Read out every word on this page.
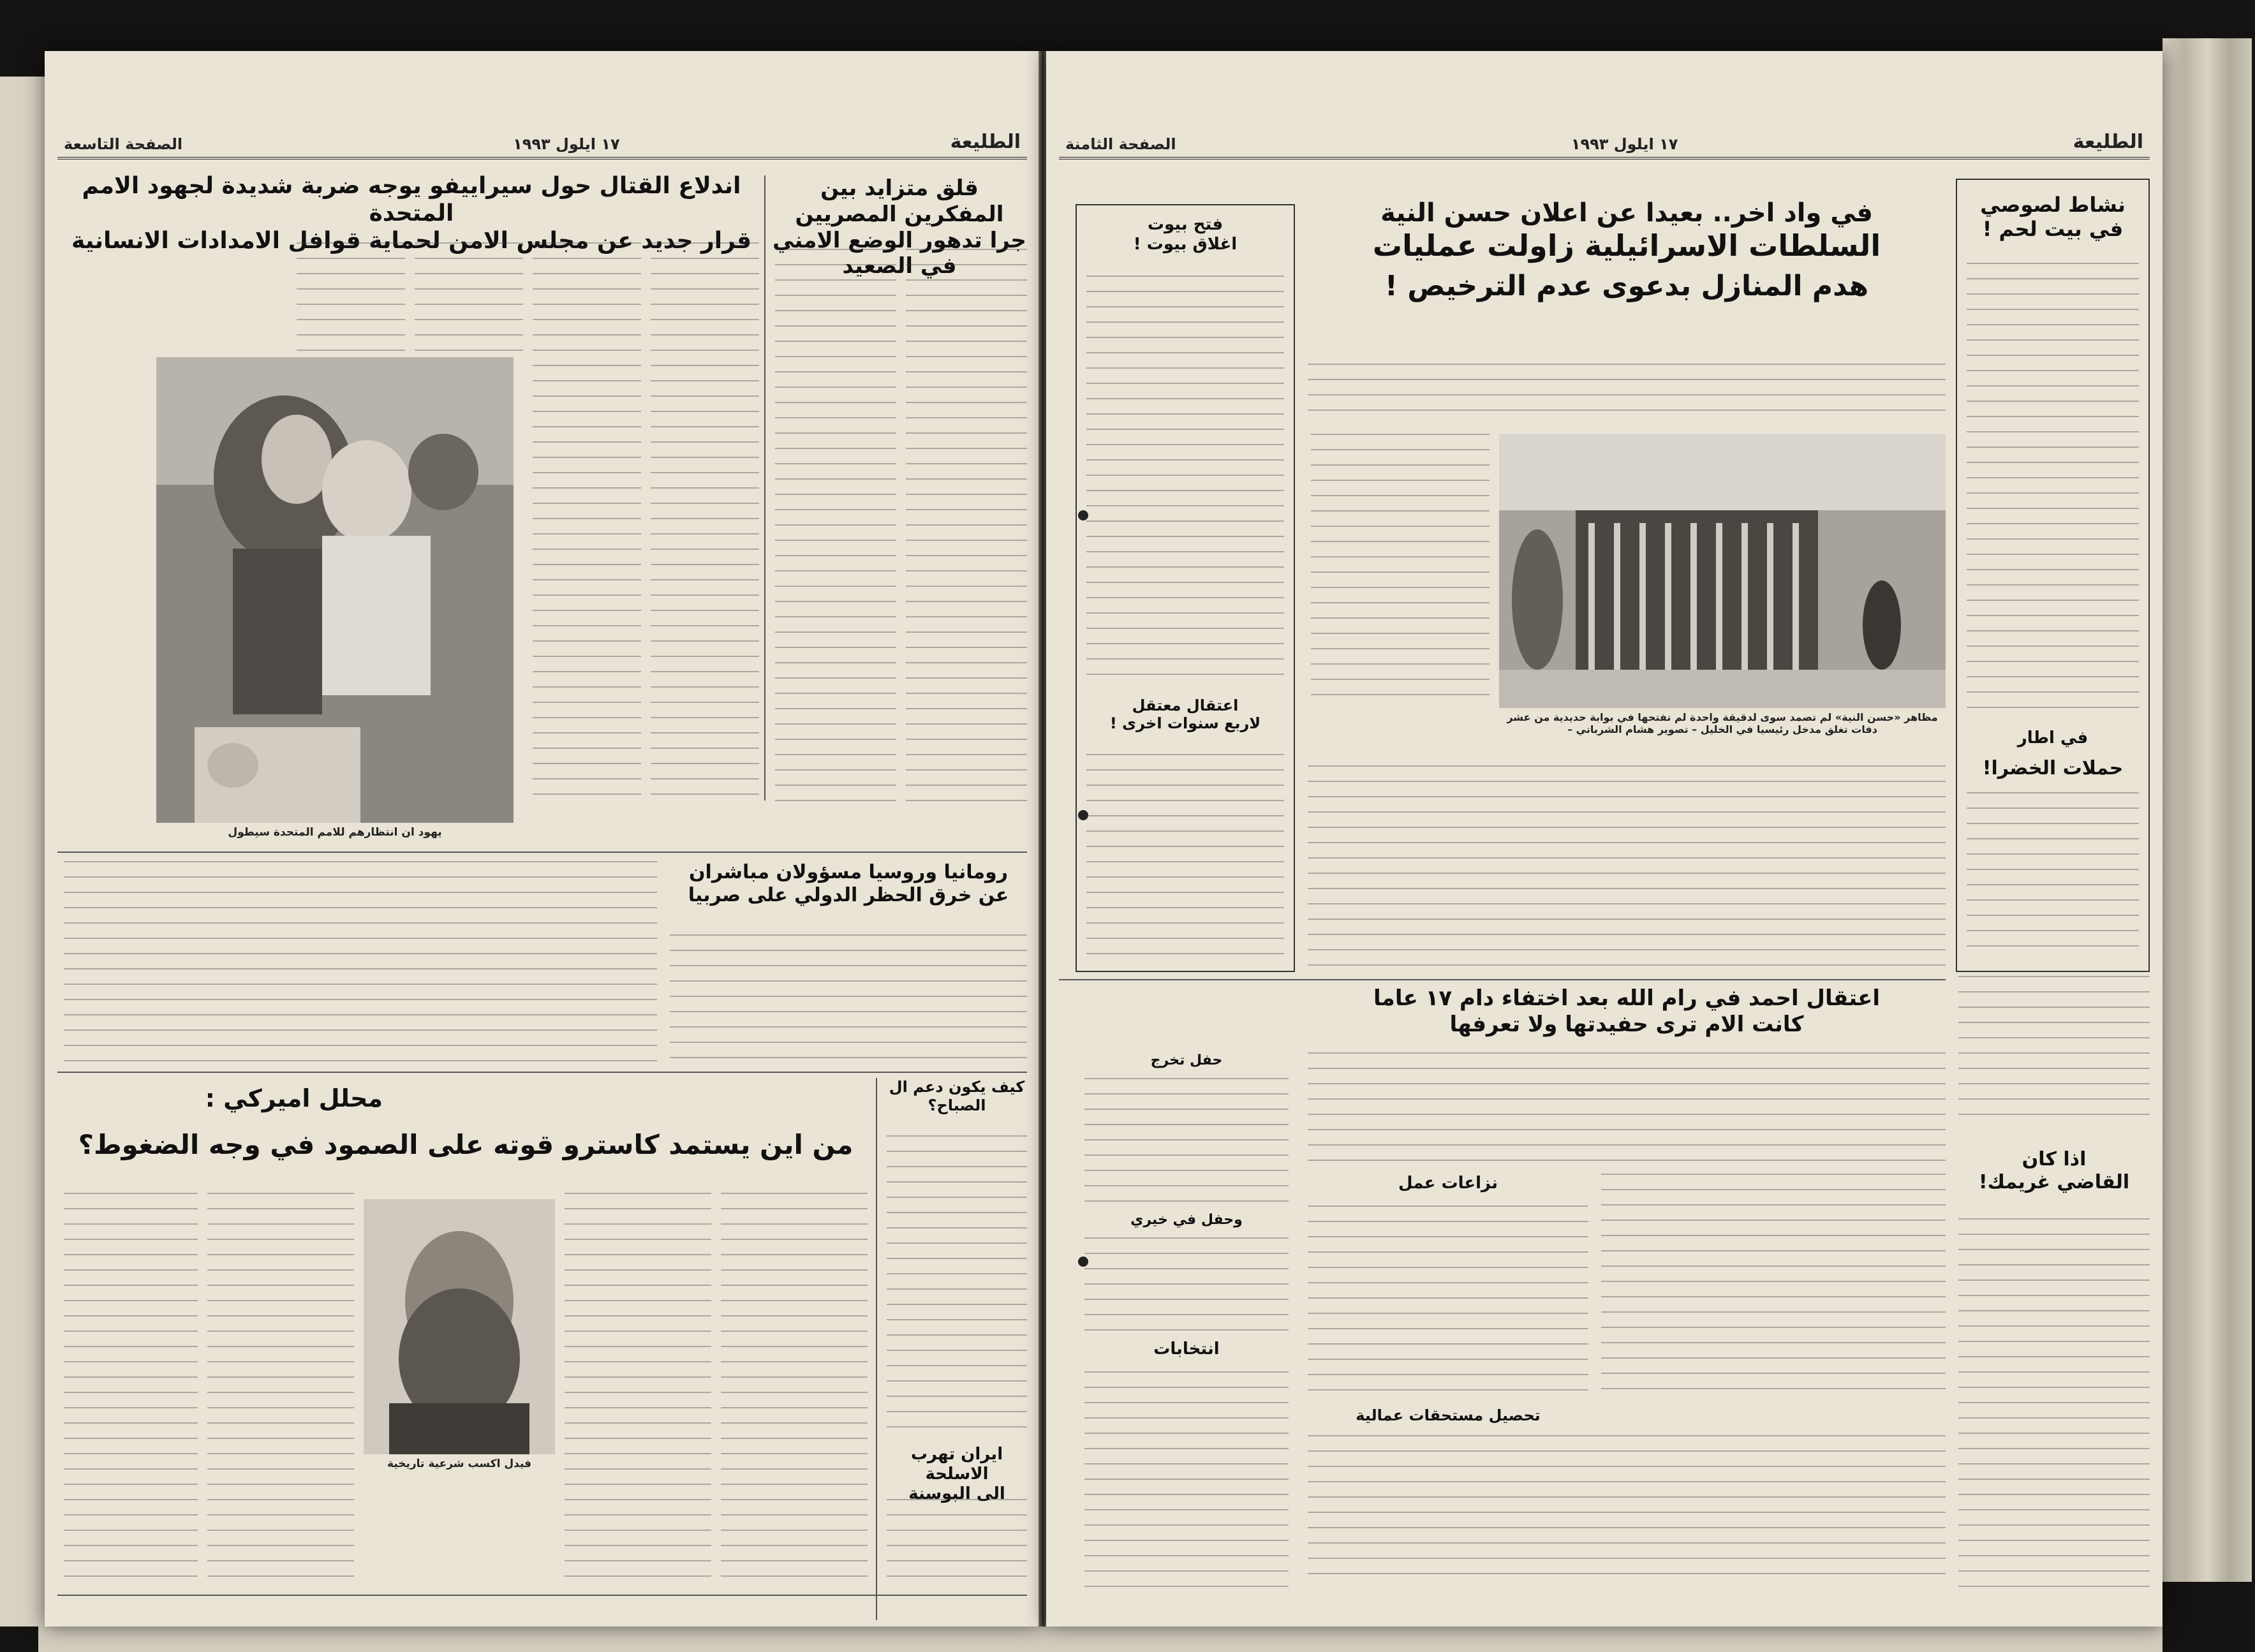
الطليعة
١٧ ايلول ١٩٩٣
الصفحة التاسعة
قلق متزايد بين المفكرين المصريين
جرا تدهور الوضع الامني في الصعيد
اندلاع القتال حول سيراييفو يوجه ضربة شديدة لجهود الامم المتحدة
قرار جديد عن مجلس الامن لحماية قوافل الامدادات الانسانية
يهود ان انتظارهم للامم المتحدة سيطول
رومانيا وروسيا مسؤولان مباشران
عن خرق الحظر الدولي على صربيا
كيف يكون دعم ال الصباح؟
محلل اميركي :
من اين يستمد كاسترو قوته على الصمود في وجه الضغوط؟
فيدل اكسب شرعية تاريخية	ايران تهرب الاسلحة
الى البوسنة
الطليعة
١٧ ايلول ١٩٩٣
الصفحة الثامنة
نشاط لصوصي
في بيت لحم !
في اطار
حملات الخضرا!
في واد اخر.. بعيدا عن اعلان حسن النية
السلطات الاسرائيلية زاولت عمليات
هدم المنازل بدعوى عدم الترخيص !
مظاهر «حسن النية» لم تصمد سوى لدقيقة واحدة لم تفتحها في بوابة حديدية من عشر دفات تغلق مدخل رئيسيا في الخليل – تصوير هشام الشرباتي –
فتح بيوت
اغلاق بيوت !
اعتقال معتقل
لاربع سنوات اخرى !
اعتقال احمد في رام الله بعد اختفاء دام ١٧ عاما
كانت الام ترى حفيدتها ولا تعرفها
حفل تخرج
وحفل في خيري
انتخابات
نزاعات عمل
تحصيل مستحقات عمالية
اذا كان
القاضي غريمك!
